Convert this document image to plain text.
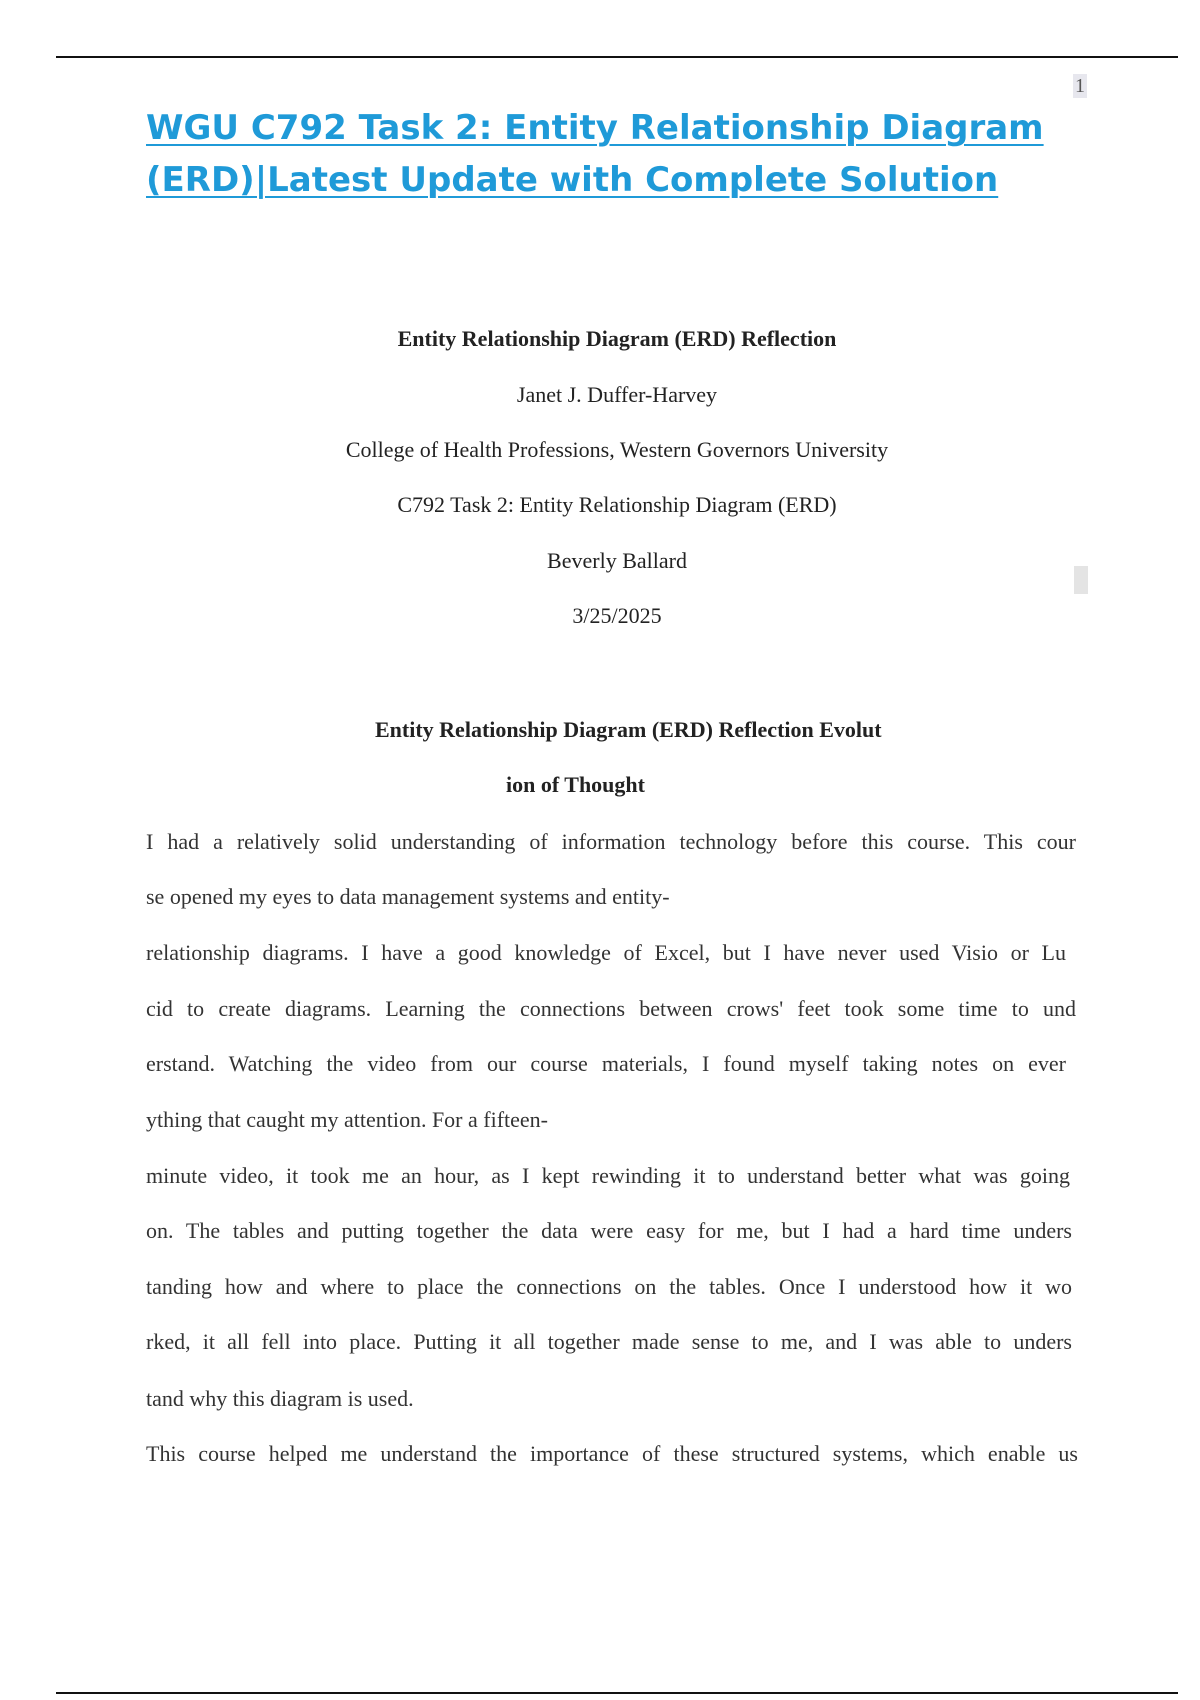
1
WGU C792 Task 2: Entity Relationship Diagram
(ERD)|Latest Update with Complete Solution
Entity Relationship Diagram (ERD) Reflection
Janet J. Duffer-Harvey
College of Health Professions, Western Governors University
C792 Task 2: Entity Relationship Diagram (ERD)
Beverly Ballard
3/25/2025
Entity Relationship Diagram (ERD) Reflection Evolut
ion of Thought
I had a relatively solid understanding of information technology before this course. This cour
se opened my eyes to data management systems and entity-
relationship diagrams. I have a good knowledge of Excel, but I have never used Visio or Lu
cid to create diagrams. Learning the connections between crows' feet took some time to und
erstand. Watching the video from our course materials, I found myself taking notes on ever
ything that caught my attention. For a fifteen-
minute video, it took me an hour, as I kept rewinding it to understand better what was going
on. The tables and putting together the data were easy for me, but I had a hard time unders
tanding how and where to place the connections on the tables. Once I understood how it wo
rked, it all fell into place. Putting it all together made sense to me, and I was able to unders
tand why this diagram is used.
This course helped me understand the importance of these structured systems, which enable us
